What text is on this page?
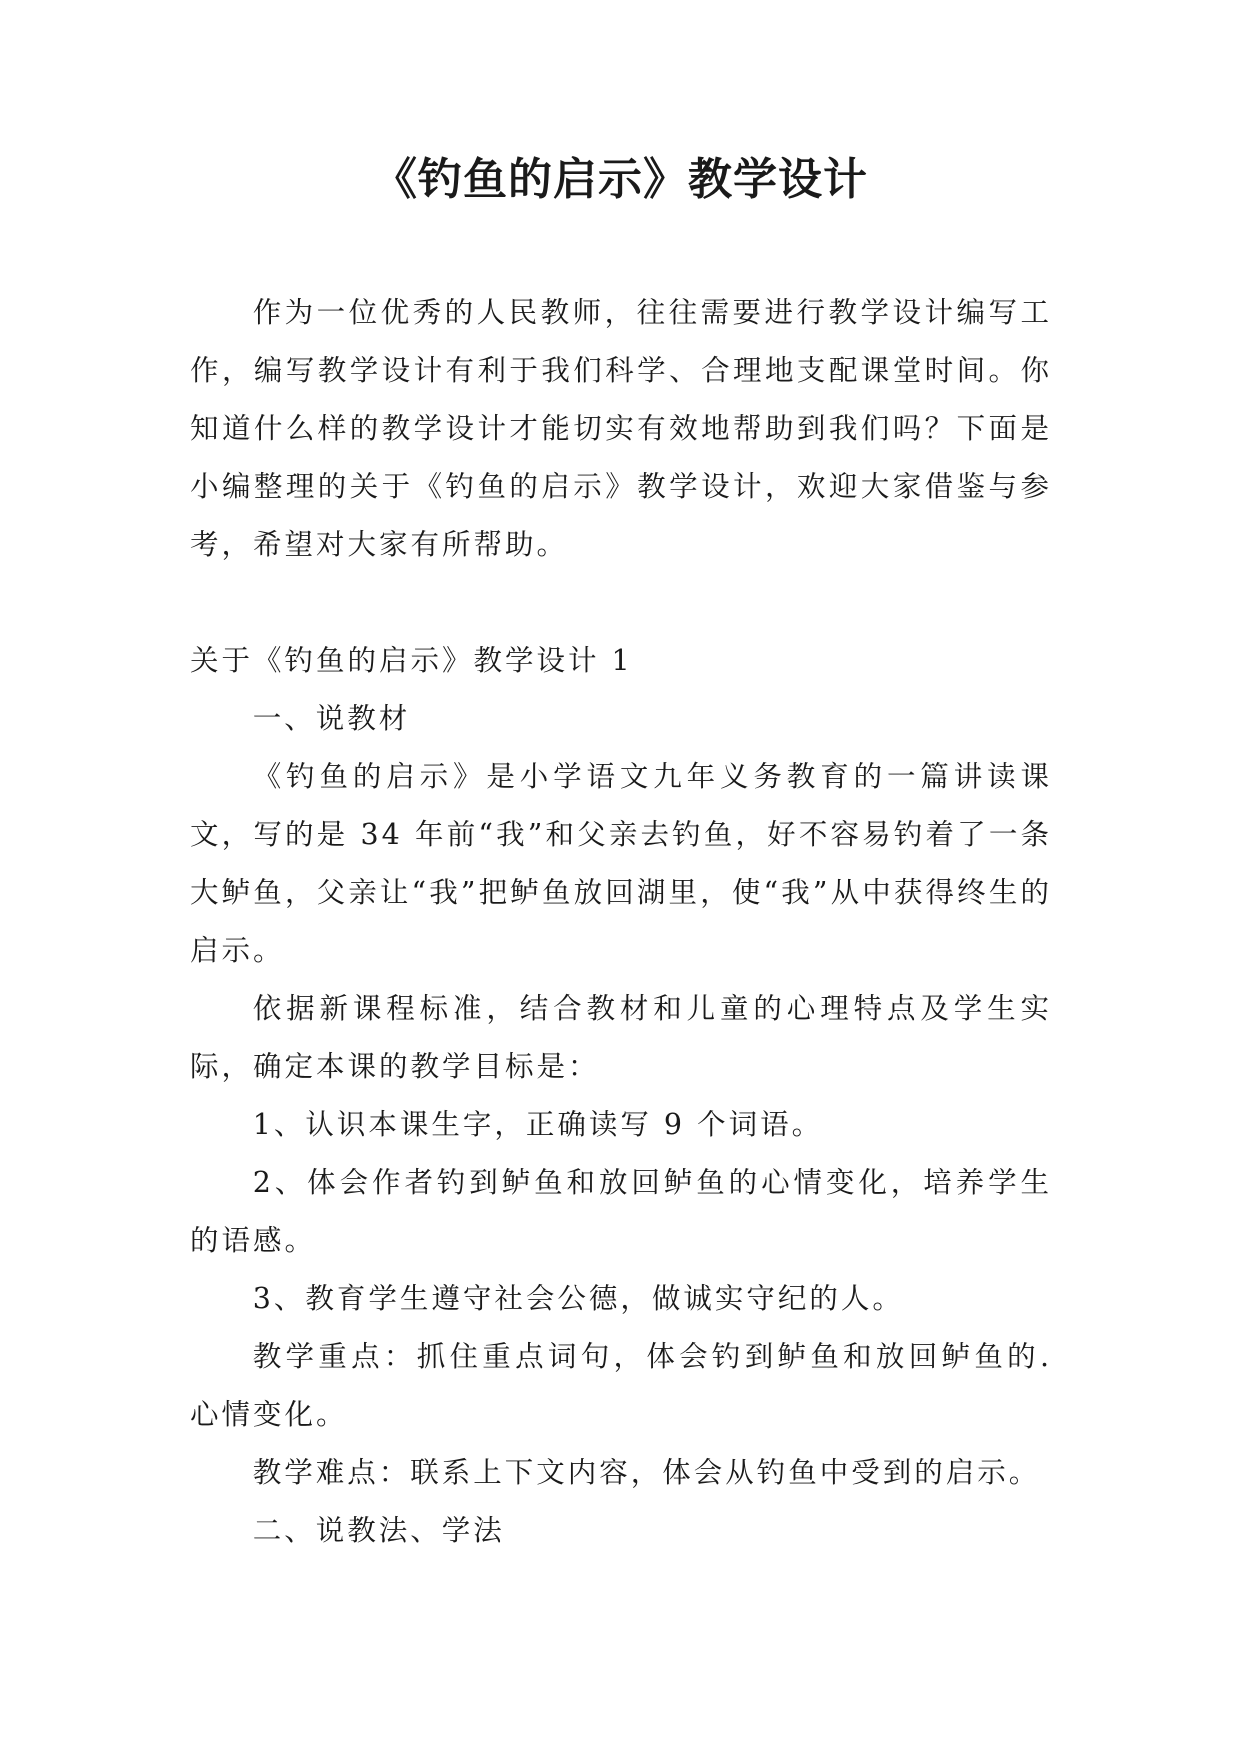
《钓鱼的启示》教学设计

作为一位优秀的人民教师，往往需要进行教学设计编写工作，编写教学设计有利于我们科学、合理地支配课堂时间。你知道什么样的教学设计才能切实有效地帮助到我们吗？下面是小编整理的关于《钓鱼的启示》教学设计，欢迎大家借鉴与参考，希望对大家有所帮助。

关于《钓鱼的启示》教学设计 1

一、说教材

《钓鱼的启示》是小学语文九年义务教育的一篇讲读课文，写的是 34 年前“我”和父亲去钓鱼，好不容易钓着了一条大鲈鱼，父亲让“我”把鲈鱼放回湖里，使“我”从中获得终生的启示。

依据新课程标准，结合教材和儿童的心理特点及学生实际，确定本课的教学目标是：

1、认识本课生字，正确读写 9 个词语。

2、体会作者钓到鲈鱼和放回鲈鱼的心情变化，培养学生的语感。

3、教育学生遵守社会公德，做诚实守纪的人。

教学重点：抓住重点词句，体会钓到鲈鱼和放回鲈鱼的.心情变化。

教学难点：联系上下文内容，体会从钓鱼中受到的启示。

二、说教法、学法
